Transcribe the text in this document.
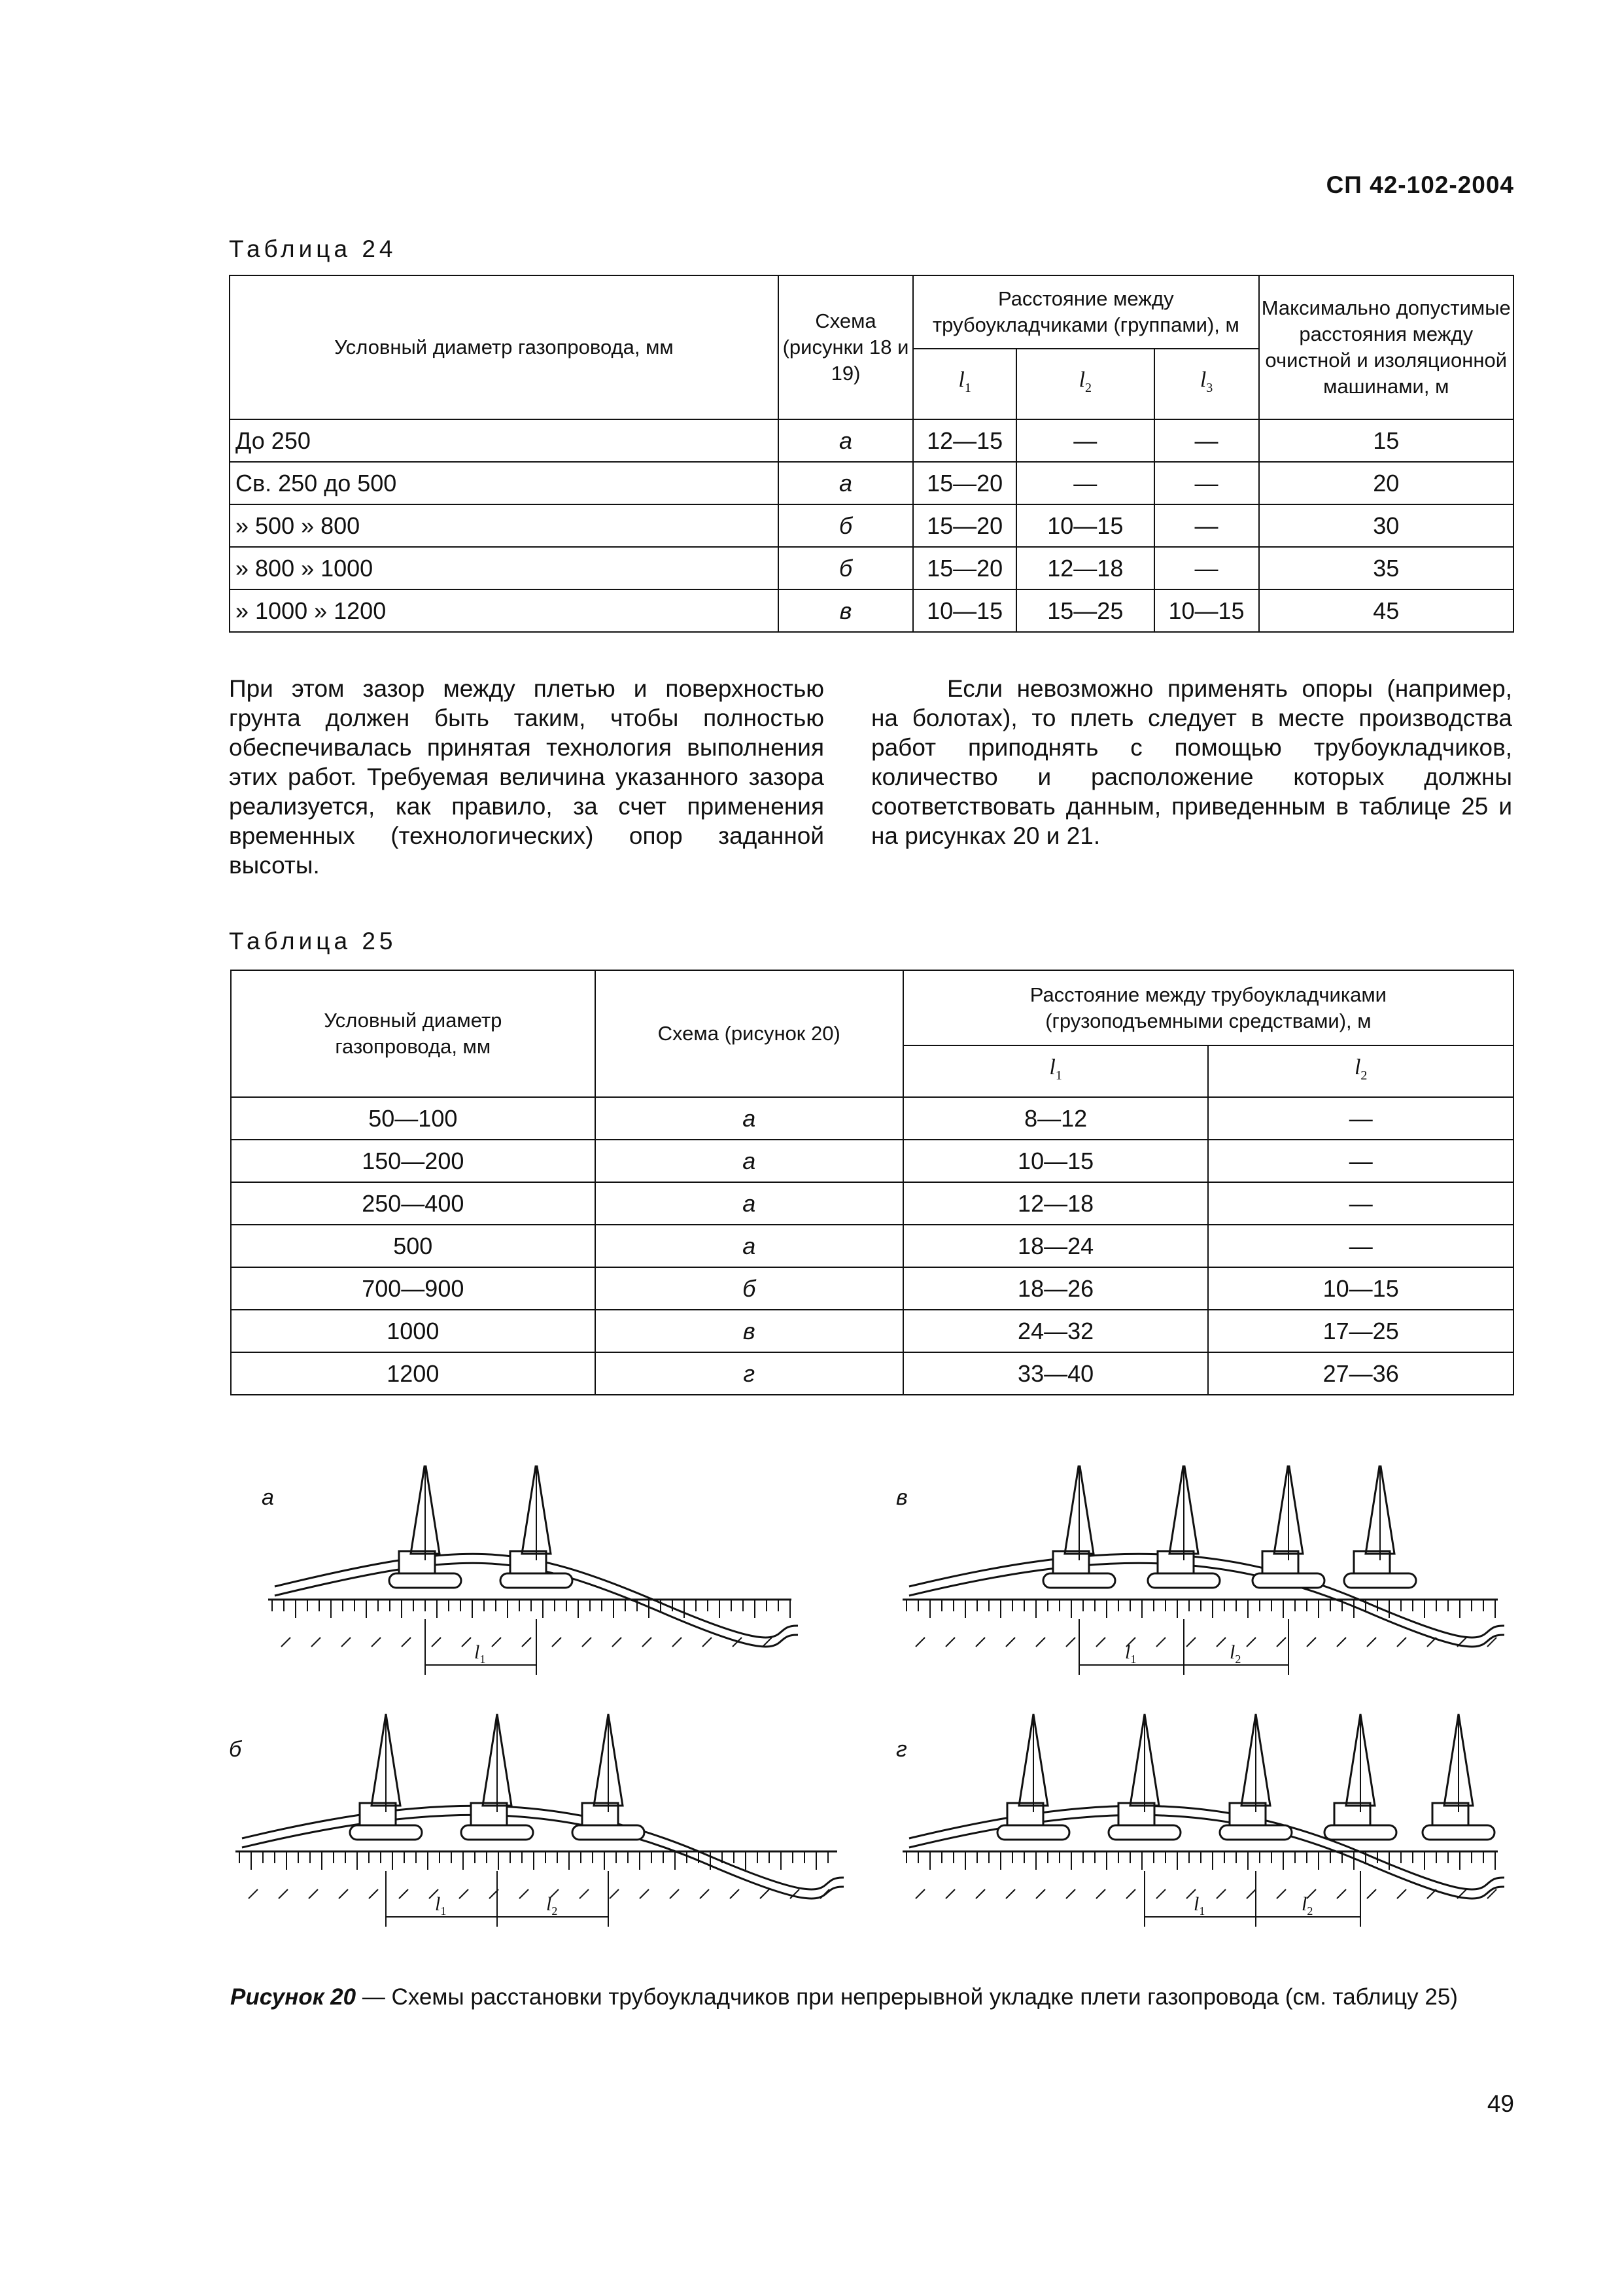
СП 42-102-2004
Таблица 24
Условный диаметр газопровода, мм	Схема (рисунки 18 и 19)	Расстояние между трубоукладчиками (группами), м			Максимально допустимые расстояния между очистной и изоляционной машинами, м
		$l_1$	$l_2$	$l_3$
До 250	а	12—15	—	—	15
Св. 250 до 500	а	15—20	—	—	20
» 500 » 800	б	15—20	10—15	—	30
» 800 » 1000	б	15—20	12—18	—	35
» 1000 » 1200	в	10—15	15—25	10—15	45
При этом зазор между плетью и поверхностью грунта должен быть таким, чтобы полностью обеспечивалась принятая технология выполнения этих работ. Требуемая величина указанного зазора реализуется, как правило, за счет применения временных (технологических) опор заданной высоты.
Если невозможно применять опоры (например, на болотах), то плеть следует в месте производства работ приподнять с помощью трубоукладчиков, количество и расположение которых должны соответствовать данным, приведенным в таблице 25 и на рисунках 20 и 21.
Таблица 25
Условный диаметр газопровода, мм	Схема (рисунок 20)	Расстояние между трубоукладчиками (грузоподъемными средствами), м	
		$l_1$	$l_2$
50—100	а	8—12	—
150—200	а	10—15	—
250—400	а	12—18	—
500	а	18—24	—
700—900	б	18—26	10—15
1000	в	24—32	17—25
1200	г	33—40	27—36
а
$l_1$
в
$l_1$	$l_2$
б
$l_1$	$l_2$
г
$l_1$	$l_2$
Рисунок 20 — Схемы расстановки трубоукладчиков при непрерывной укладке плети газопровода (см. таблицу 25)
49
